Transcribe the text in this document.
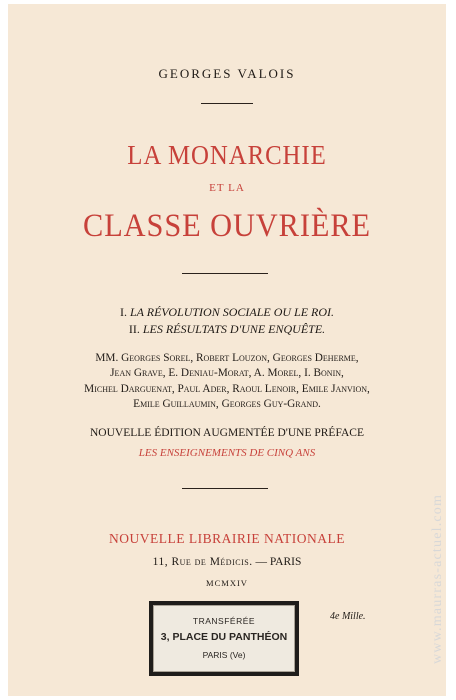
GEORGES VALOIS
LA MONARCHIE
ET LA
CLASSE OUVRIÈRE
I. LA RÉVOLUTION SOCIALE OU LE ROI.
II. LES RÉSULTATS D'UNE ENQUÊTE.
MM. Georges Sorel, Robert Louzon, Georges Deherme,
Jean Grave, E. Deniau-Morat, A. Morel, I. Bonin,
Michel Darguenat, Paul Ader, Raoul Lenoir, Emile Janvion,
Emile Guillaumin, Georges Guy-Grand.
NOUVELLE ÉDITION AUGMENTÉE D'UNE PRÉFACE
LES ENSEIGNEMENTS DE CINQ ANS
NOUVELLE LIBRAIRIE NATIONALE
11, Rue de Médicis. — PARIS
MCMXIV
TRANSFÉRÉE
3, PLACE DU PANTHÉON
PARIS (Ve)
4e Mille.	www.maurras-actuel.com
